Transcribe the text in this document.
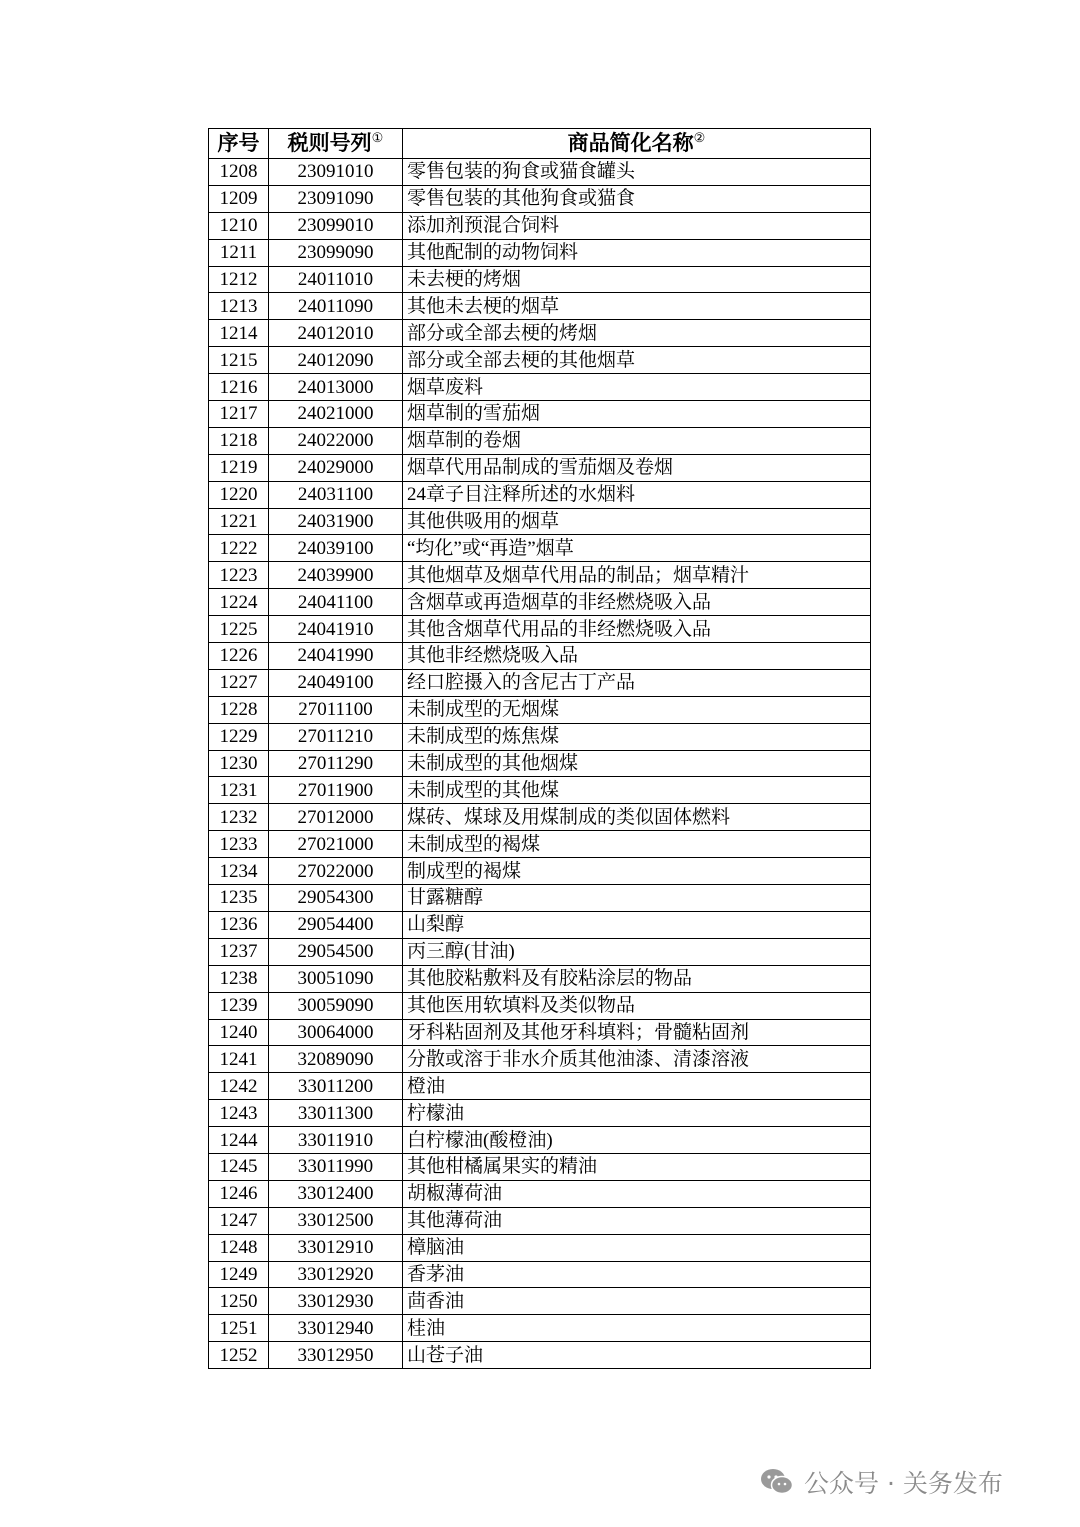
序号	税则号列①	商品简化名称②
1208	23091010	零售包装的狗食或猫食罐头
1209	23091090	零售包装的其他狗食或猫食
1210	23099010	添加剂预混合饲料
1211	23099090	其他配制的动物饲料
1212	24011010	未去梗的烤烟
1213	24011090	其他未去梗的烟草
1214	24012010	部分或全部去梗的烤烟
1215	24012090	部分或全部去梗的其他烟草
1216	24013000	烟草废料
1217	24021000	烟草制的雪茄烟
1218	24022000	烟草制的卷烟
1219	24029000	烟草代用品制成的雪茄烟及卷烟
1220	24031100	24章子目注释所述的水烟料
1221	24031900	其他供吸用的烟草
1222	24039100	“均化”或“再造”烟草
1223	24039900	其他烟草及烟草代用品的制品；烟草精汁
1224	24041100	含烟草或再造烟草的非经燃烧吸入品
1225	24041910	其他含烟草代用品的非经燃烧吸入品
1226	24041990	其他非经燃烧吸入品
1227	24049100	经口腔摄入的含尼古丁产品
1228	27011100	未制成型的无烟煤
1229	27011210	未制成型的炼焦煤
1230	27011290	未制成型的其他烟煤
1231	27011900	未制成型的其他煤
1232	27012000	煤砖、煤球及用煤制成的类似固体燃料
1233	27021000	未制成型的褐煤
1234	27022000	制成型的褐煤
1235	29054300	甘露糖醇
1236	29054400	山梨醇
1237	29054500	丙三醇(甘油)
1238	30051090	其他胶粘敷料及有胶粘涂层的物品
1239	30059090	其他医用软填料及类似物品
1240	30064000	牙科粘固剂及其他牙科填料；骨髓粘固剂
1241	32089090	分散或溶于非水介质其他油漆、清漆溶液
1242	33011200	橙油
1243	33011300	柠檬油
1244	33011910	白柠檬油(酸橙油)
1245	33011990	其他柑橘属果实的精油
1246	33012400	胡椒薄荷油
1247	33012500	其他薄荷油
1248	33012910	樟脑油
1249	33012920	香茅油
1250	33012930	茴香油
1251	33012940	桂油
1252	33012950	山苍子油
公众号 · 关务发布
